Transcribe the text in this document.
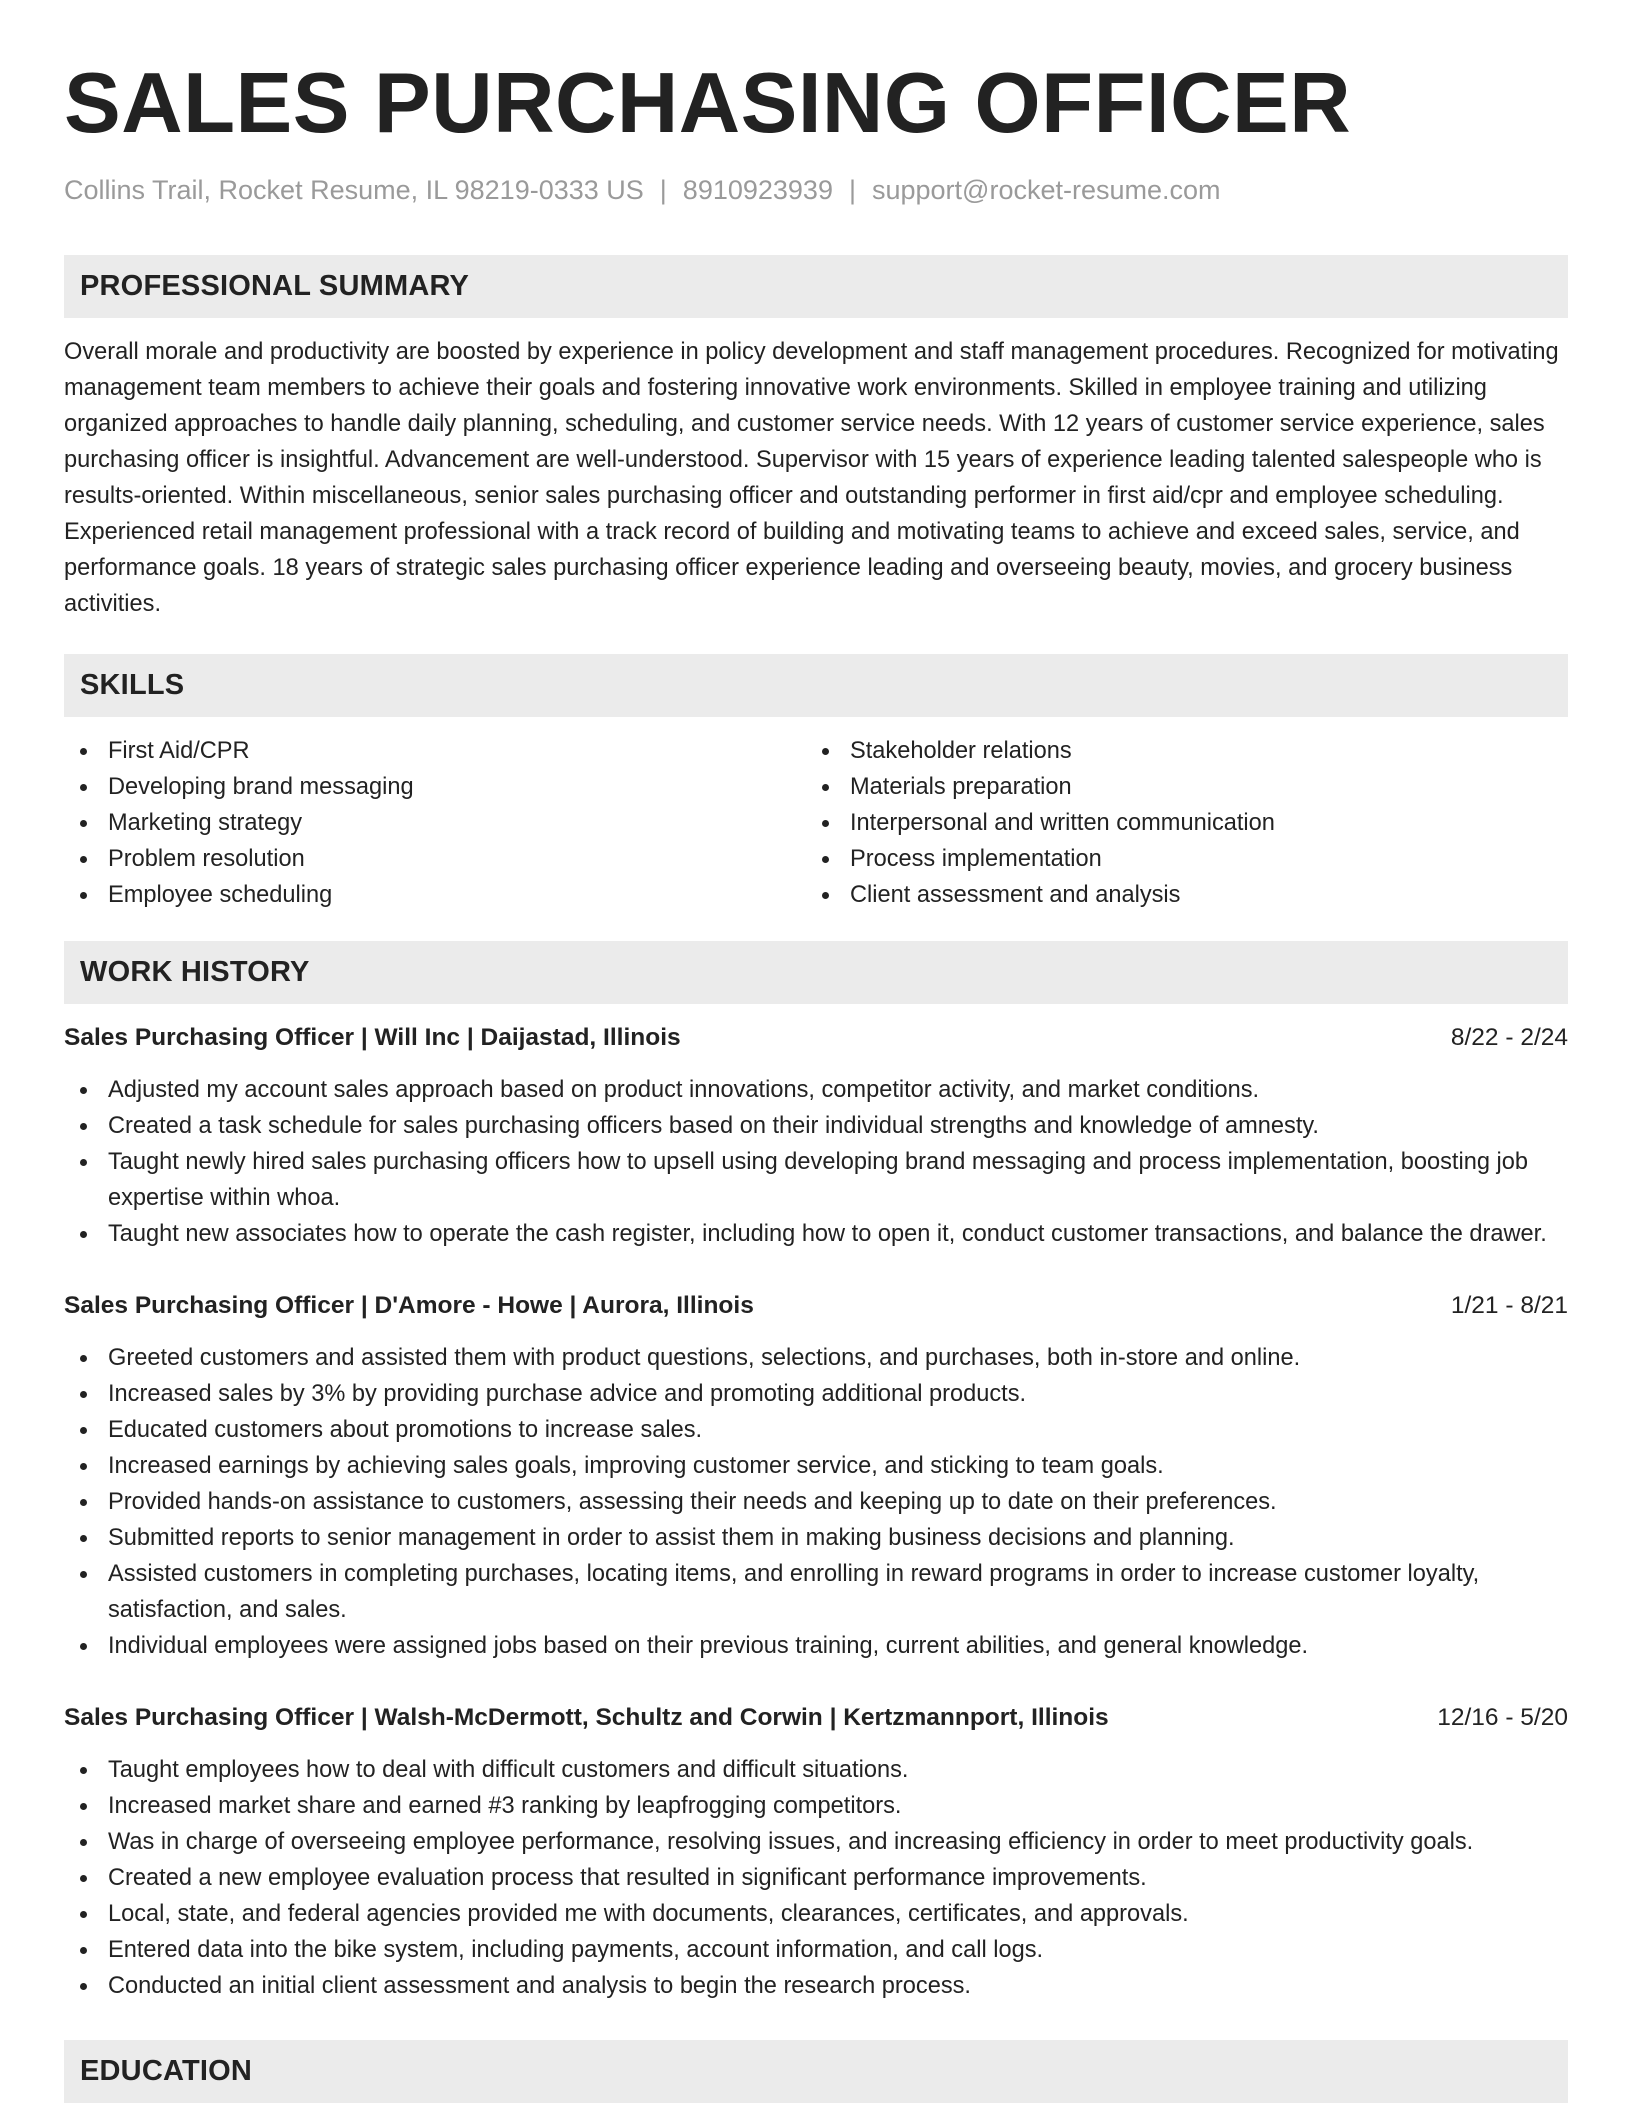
SALES PURCHASING OFFICER
Collins Trail, Rocket Resume, IL 98219-0333 US | 8910923939 | support@rocket-resume.com
PROFESSIONAL SUMMARY
Overall morale and productivity are boosted by experience in policy development and staff management procedures. Recognized for motivating management team members to achieve their goals and fostering innovative work environments. Skilled in employee training and utilizing organized approaches to handle daily planning, scheduling, and customer service needs. With 12 years of customer service experience, sales purchasing officer is insightful. Advancement are well-understood. Supervisor with 15 years of experience leading talented salespeople who is results-oriented. Within miscellaneous, senior sales purchasing officer and outstanding performer in first aid/cpr and employee scheduling. Experienced retail management professional with a track record of building and motivating teams to achieve and exceed sales, service, and performance goals. 18 years of strategic sales purchasing officer experience leading and overseeing beauty, movies, and grocery business activities.
SKILLS
First Aid/CPR
Developing brand messaging
Marketing strategy
Problem resolution
Employee scheduling
Stakeholder relations
Materials preparation
Interpersonal and written communication
Process implementation
Client assessment and analysis
WORK HISTORY
Sales Purchasing Officer | Will Inc | Daijastad, Illinois	8/22 - 2/24
Adjusted my account sales approach based on product innovations, competitor activity, and market conditions.
Created a task schedule for sales purchasing officers based on their individual strengths and knowledge of amnesty.
Taught newly hired sales purchasing officers how to upsell using developing brand messaging and process implementation, boosting job expertise within whoa.
Taught new associates how to operate the cash register, including how to open it, conduct customer transactions, and balance the drawer.
Sales Purchasing Officer | D'Amore - Howe | Aurora, Illinois	1/21 - 8/21
Greeted customers and assisted them with product questions, selections, and purchases, both in-store and online.
Increased sales by 3% by providing purchase advice and promoting additional products.
Educated customers about promotions to increase sales.
Increased earnings by achieving sales goals, improving customer service, and sticking to team goals.
Provided hands-on assistance to customers, assessing their needs and keeping up to date on their preferences.
Submitted reports to senior management in order to assist them in making business decisions and planning.
Assisted customers in completing purchases, locating items, and enrolling in reward programs in order to increase customer loyalty, satisfaction, and sales.
Individual employees were assigned jobs based on their previous training, current abilities, and general knowledge.
Sales Purchasing Officer | Walsh-McDermott, Schultz and Corwin | Kertzmannport, Illinois	12/16 - 5/20
Taught employees how to deal with difficult customers and difficult situations.
Increased market share and earned #3 ranking by leapfrogging competitors.
Was in charge of overseeing employee performance, resolving issues, and increasing efficiency in order to meet productivity goals.
Created a new employee evaluation process that resulted in significant performance improvements.
Local, state, and federal agencies provided me with documents, clearances, certificates, and approvals.
Entered data into the bike system, including payments, account information, and call logs.
Conducted an initial client assessment and analysis to begin the research process.
EDUCATION
